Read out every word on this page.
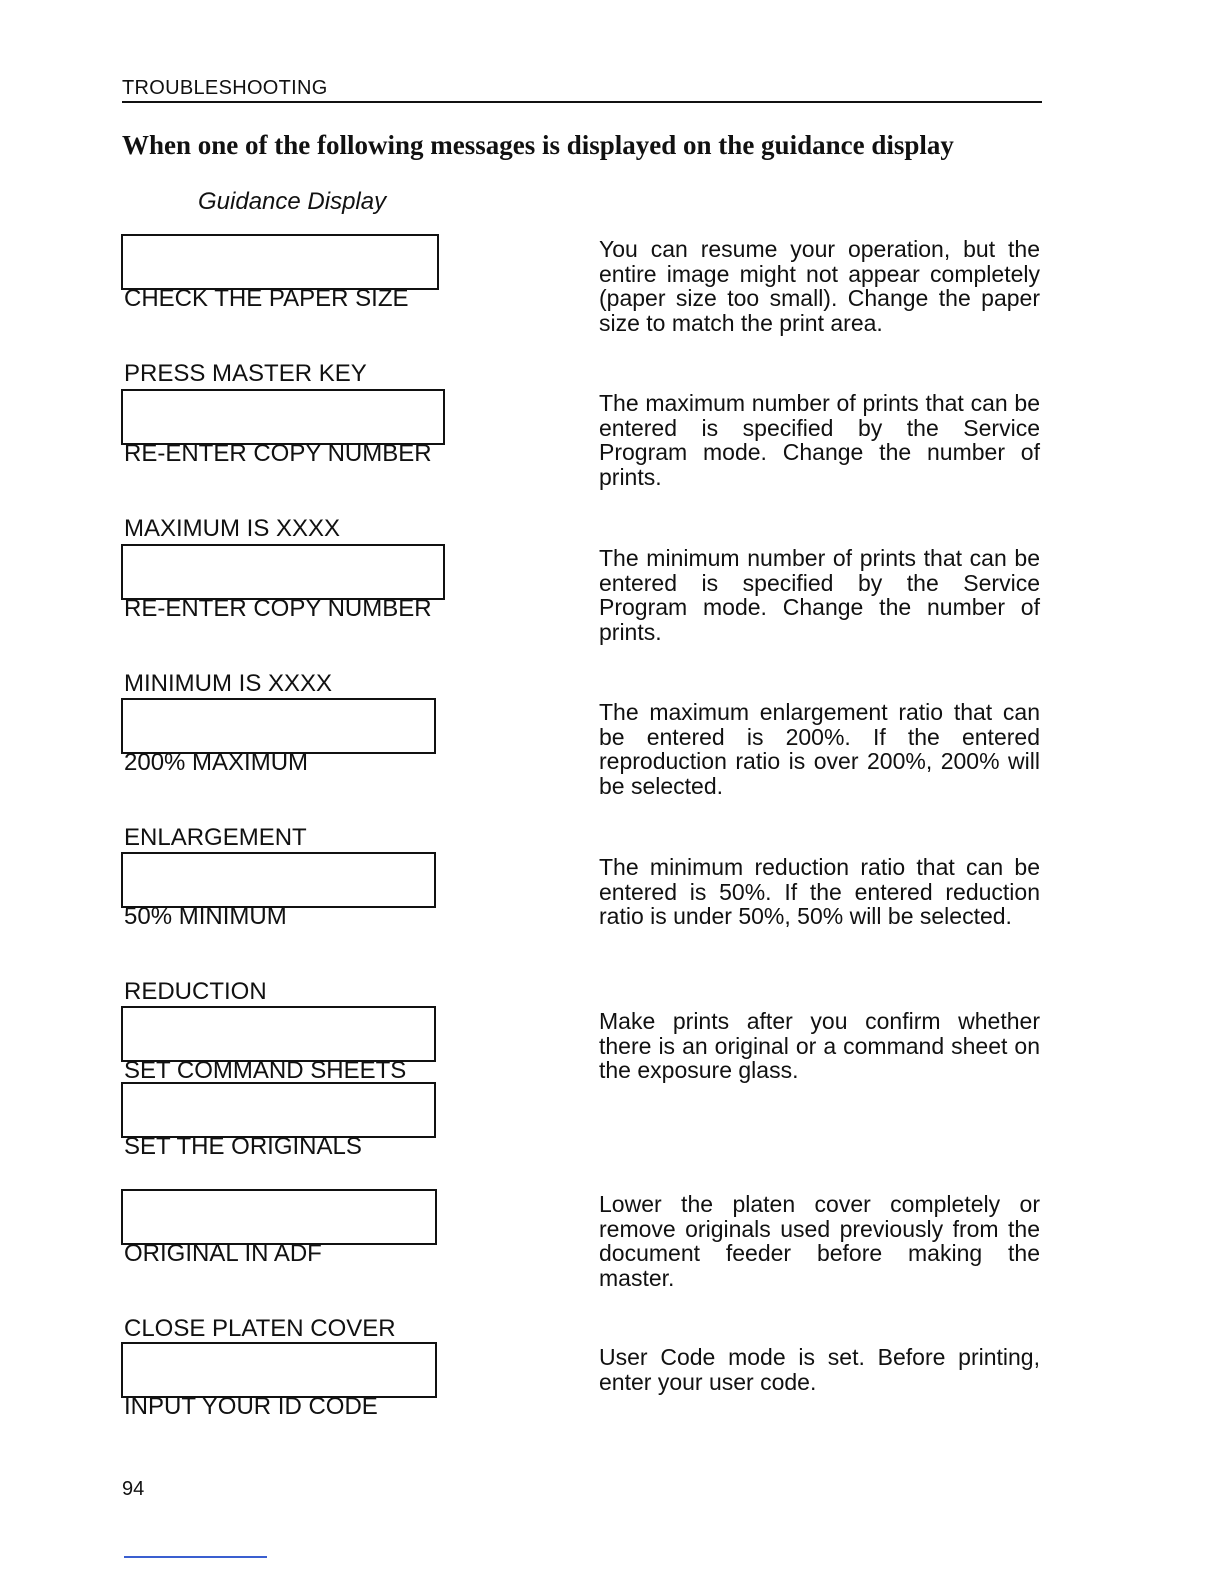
TROUBLESHOOTING
When one of the following messages is displayed on the guidance display
Guidance Display

CHECK THE PAPER SIZE

PRESS MASTER KEY

You can resume your operation, but the entire image might not appear completely (paper size too small). Change the paper size to match the print area.

RE-ENTER COPY NUMBER

MAXIMUM IS XXXX

The maximum number of prints that can be entered is specified by the Service Program mode. Change the number of prints.

RE-ENTER COPY NUMBER

MINIMUM IS XXXX

The minimum number of prints that can be entered is specified by the Service Program mode. Change the number of prints.

200% MAXIMUM

ENLARGEMENT

The maximum enlargement ratio that can be entered is 200%. If the entered reproduction ratio is over 200%, 200% will be selected.

50% MINIMUM

REDUCTION

The minimum reduction ratio that can be entered is 50%. If the entered reduction ratio is under 50%, 50% will be selected.

SET COMMAND SHEETS

Make prints after you confirm whether there is an original or a command sheet on the exposure glass.

SET THE ORIGINALS

ORIGINAL IN ADF

CLOSE PLATEN COVER

Lower the platen cover completely or remove originals used previously from the document feeder before making the master.

INPUT YOUR ID CODE

User Code mode is set. Before printing, enter your user code.
94
